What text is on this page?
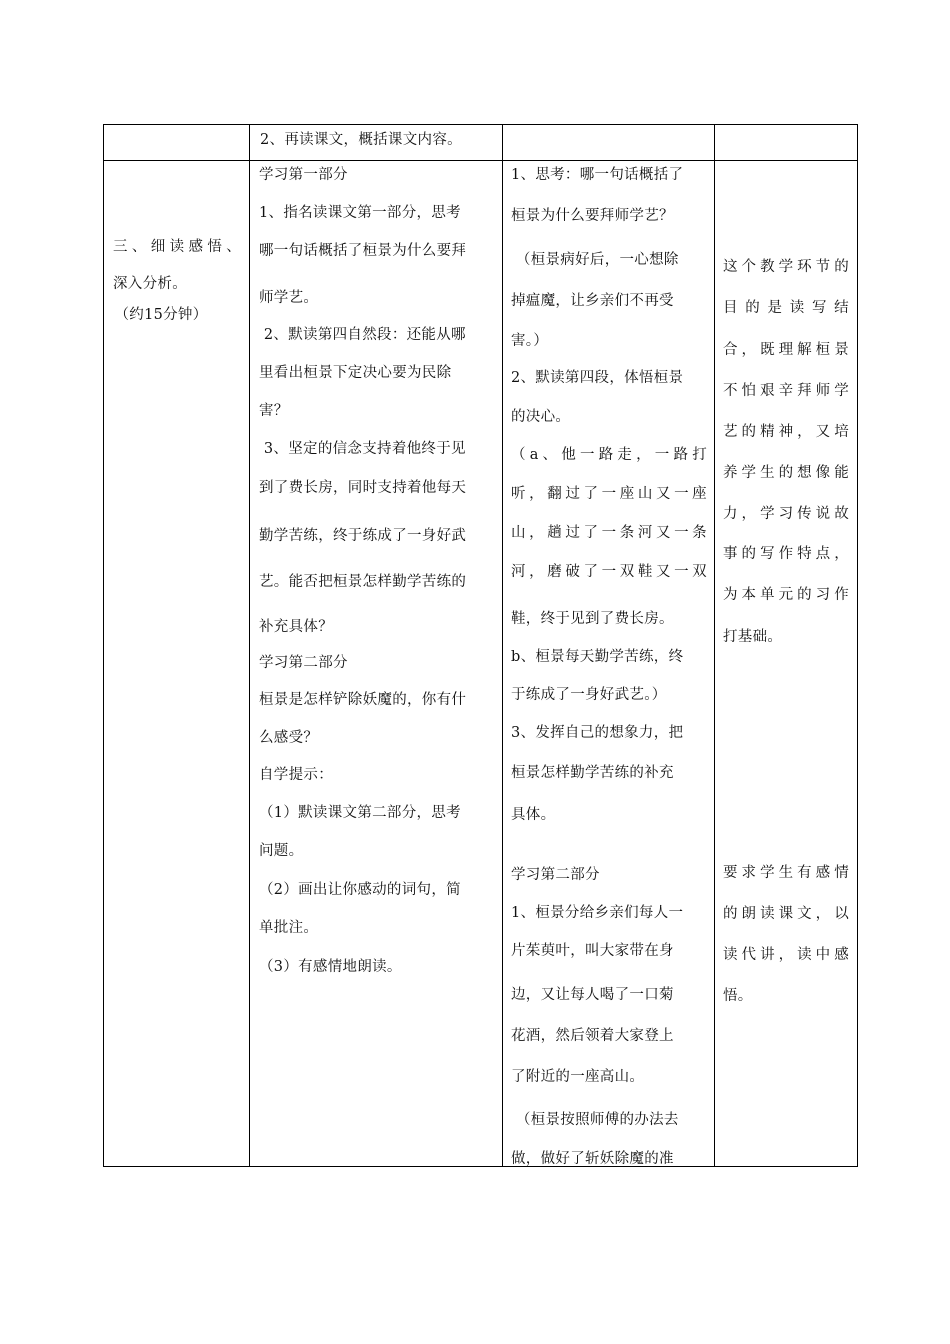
2、再读课文，概括课文内容。

三、细读感悟、

深入分析。

（约15分钟）

学习第一部分

1、指名读课文第一部分，思考

哪一句话概括了桓景为什么要拜

师学艺。

2、默读第四自然段：还能从哪

里看出桓景下定决心要为民除

害？

3、坚定的信念支持着他终于见

到了费长房，同时支持着他每天

勤学苦练，终于练成了一身好武

艺。能否把桓景怎样勤学苦练的

补充具体？

学习第二部分

桓景是怎样铲除妖魔的，你有什

么感受？

自学提示：

（1）默读课文第二部分，思考

问题。

（2）画出让你感动的词句，简

单批注。

（3）有感情地朗读。

1、思考：哪一句话概括了

桓景为什么要拜师学艺？

（桓景病好后，一心想除

掉瘟魔，让乡亲们不再受

害。）

2、默读第四段，体悟桓景

的决心。

（a、他一路走，一路打

听，翻过了一座山又一座

山，趟过了一条河又一条

河，磨破了一双鞋又一双

鞋，终于见到了费长房。

b、桓景每天勤学苦练，终

于练成了一身好武艺。）

3、发挥自己的想象力，把

桓景怎样勤学苦练的补充

具体。

学习第二部分

1、桓景分给乡亲们每人一

片茱萸叶，叫大家带在身

边，又让每人喝了一口菊

花酒，然后领着大家登上

了附近的一座高山。

（桓景按照师傅的办法去

做，做好了斩妖除魔的准

这个教学环节的

目的是读写结

合，既理解桓景

不怕艰辛拜师学

艺的精神，又培

养学生的想像能

力，学习传说故

事的写作特点，

为本单元的习作

打基础。

要求学生有感情

的朗读课文，以

读代讲，读中感

悟。
